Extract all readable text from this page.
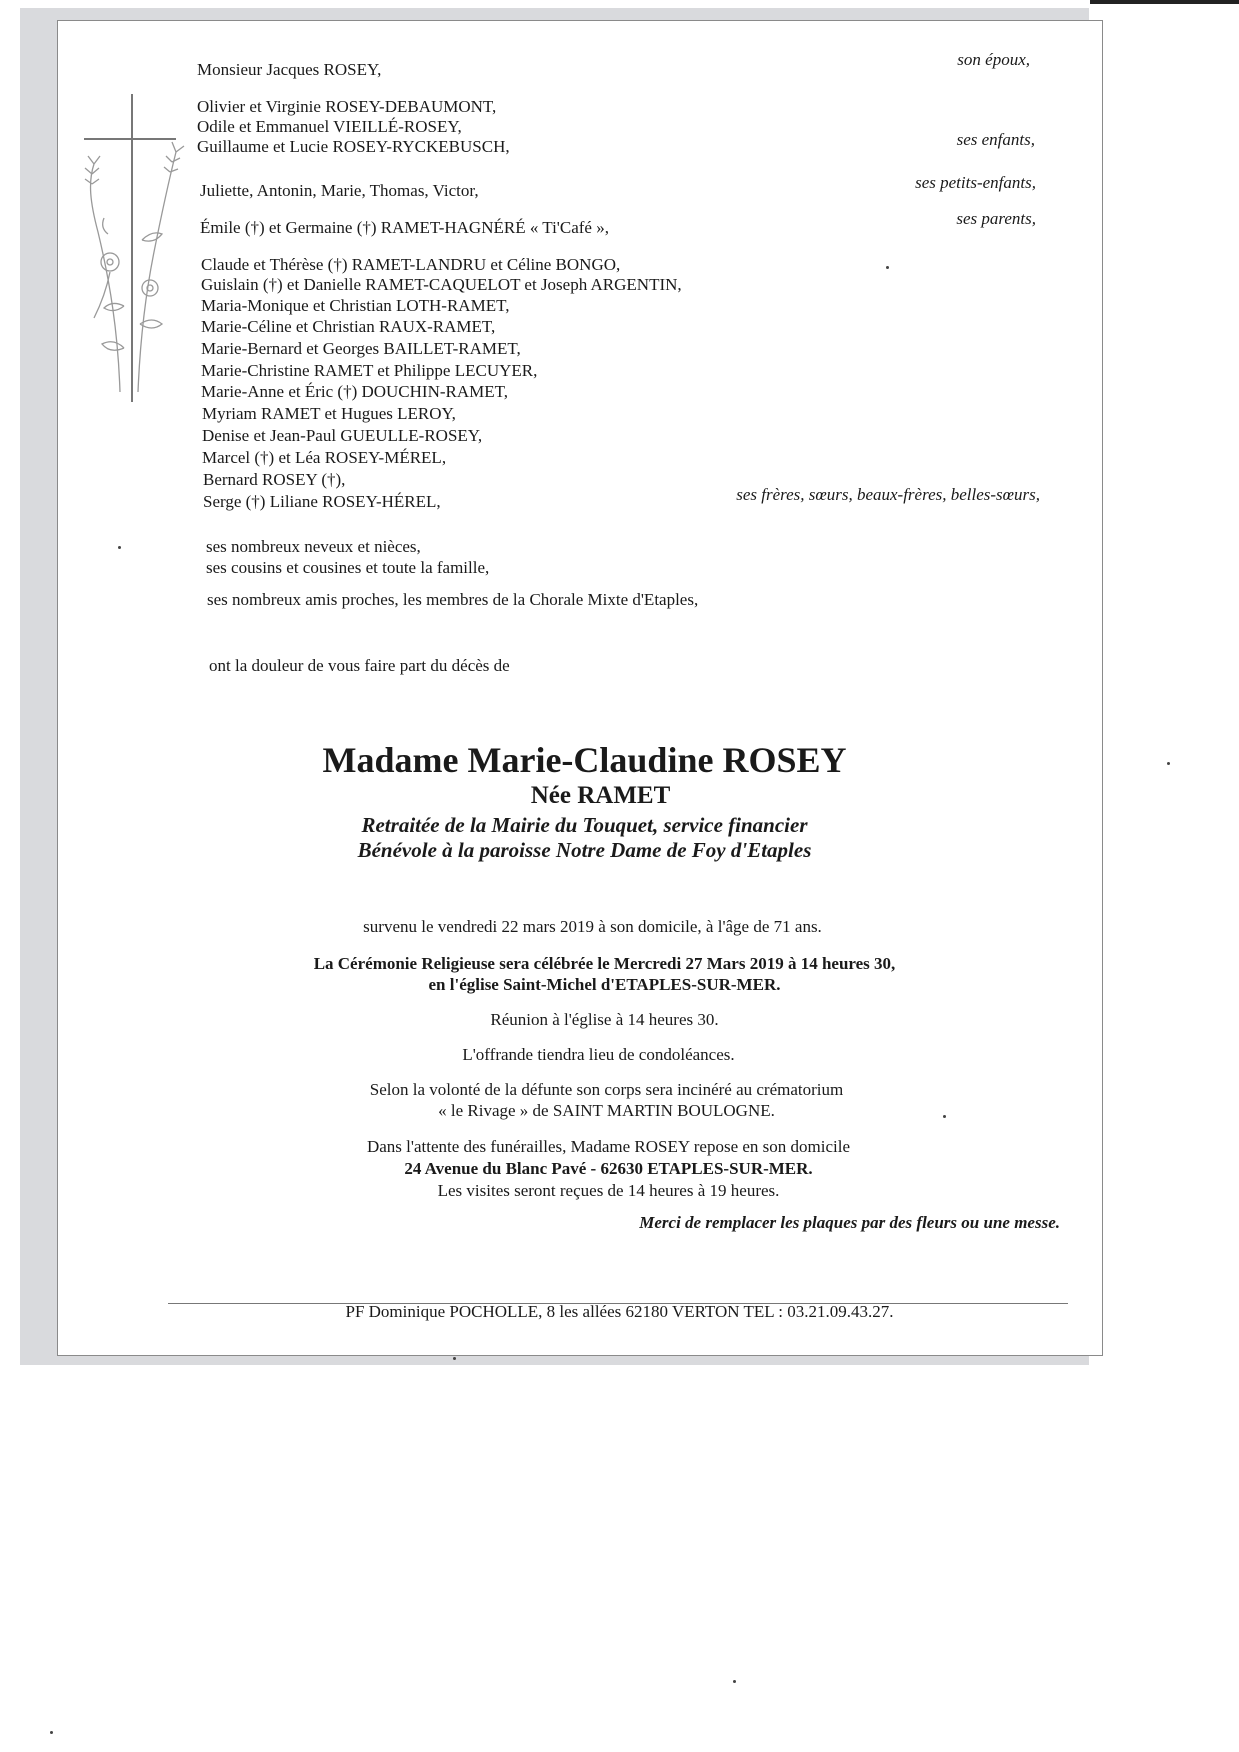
Monsieur Jacques ROSEY,
son époux,
Olivier et Virginie ROSEY-DEBAUMONT,
Odile et Emmanuel VIEILLÉ-ROSEY,
Guillaume et Lucie ROSEY-RYCKEBUSCH,	ses enfants,
Juliette, Antonin, Marie, Thomas, Victor,	ses petits-enfants,
Émile (†) et Germaine (†) RAMET-HAGNÉRÉ « Ti'Café »,	ses parents,
Claude et Thérèse (†) RAMET-LANDRU et Céline BONGO,
Guislain (†) et Danielle RAMET-CAQUELOT et Joseph ARGENTIN,
Maria-Monique et Christian LOTH-RAMET,
Marie-Céline et Christian RAUX-RAMET,
Marie-Bernard et Georges BAILLET-RAMET,
Marie-Christine RAMET et Philippe LECUYER,
Marie-Anne et Éric (†) DOUCHIN-RAMET,
Myriam RAMET et Hugues LEROY,
Denise et Jean-Paul GUEULLE-ROSEY,
Marcel (†) et Léa ROSEY-MÉREL,
Bernard ROSEY (†),
Serge (†) Liliane ROSEY-HÉREL,	ses frères, sœurs, beaux-frères, belles-sœurs,
ses nombreux neveux et nièces,
ses cousins et cousines et toute la famille,
ses nombreux amis proches, les membres de la Chorale Mixte d'Etaples,
ont la douleur de vous faire part du décès de
Madame Marie-Claudine ROSEY
Née RAMET
Retraitée de la Mairie du Touquet, service financier
Bénévole à la paroisse Notre Dame de Foy d'Etaples
survenu le vendredi 22 mars 2019 à son domicile, à l'âge de 71 ans.
La Cérémonie Religieuse sera célébrée le Mercredi 27 Mars 2019 à 14 heures 30,
en l'église Saint-Michel d'ETAPLES-SUR-MER.
Réunion à l'église à 14 heures 30.
L'offrande tiendra lieu de condoléances.
Selon la volonté de la défunte son corps sera incinéré au crématorium
« le Rivage » de SAINT MARTIN BOULOGNE.
Dans l'attente des funérailles, Madame ROSEY repose en son domicile
24 Avenue du Blanc Pavé - 62630 ETAPLES-SUR-MER.
Les visites seront reçues de 14 heures à 19 heures.
Merci de remplacer les plaques par des fleurs ou une messe.
PF Dominique POCHOLLE, 8 les allées 62180 VERTON TEL : 03.21.09.43.27.
